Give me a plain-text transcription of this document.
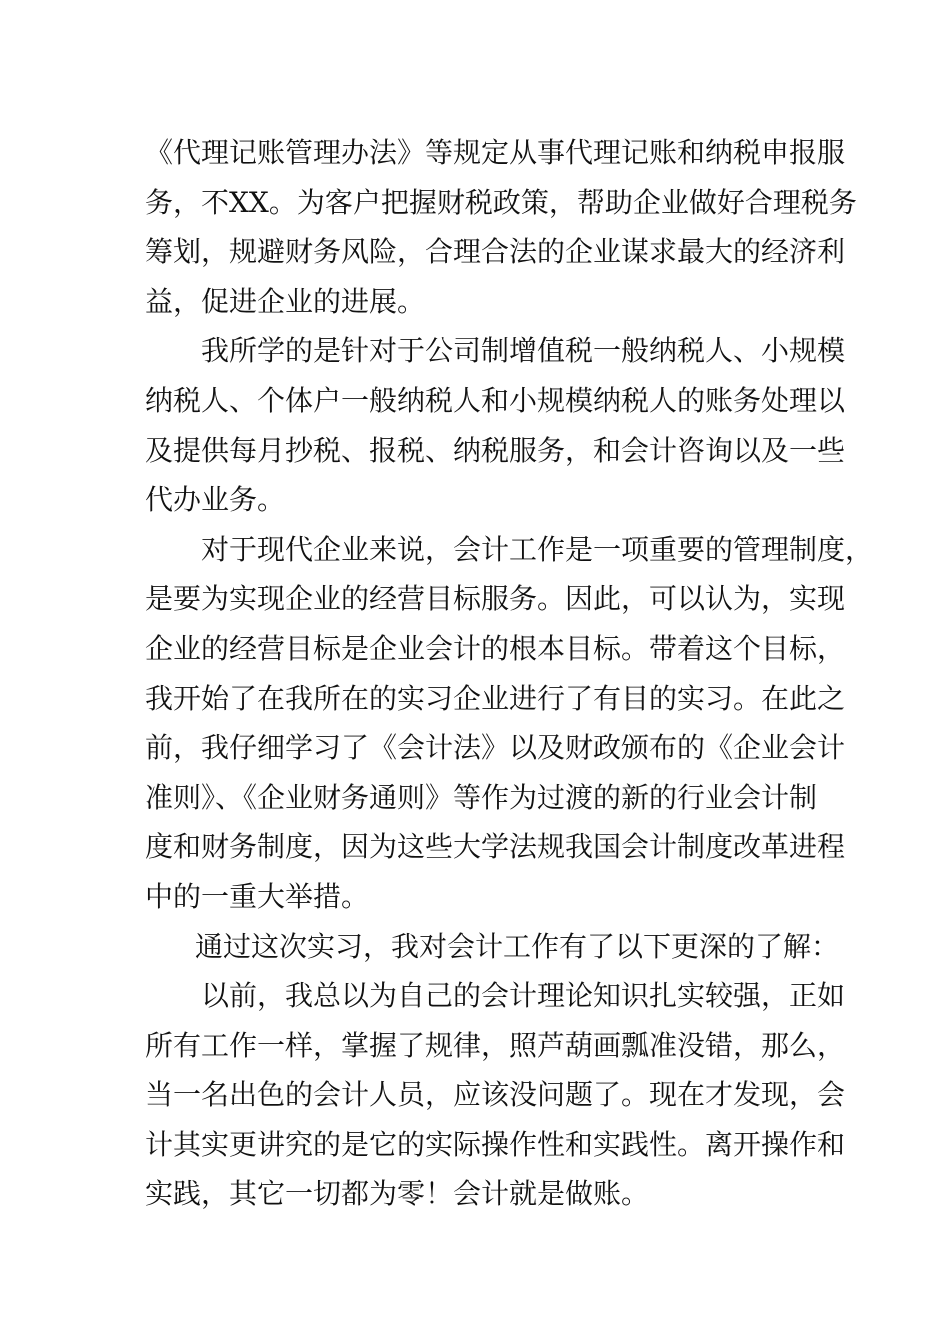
《代理记账管理办法》等规定从事代理记账和纳税申报服
务，不XX。为客户把握财税政策，帮助企业做好合理税务
筹划，规避财务风险，合理合法的企业谋求最大的经济利
益，促进企业的进展。
我所学的是针对于公司制增值税一般纳税人、小规模
纳税人、个体户一般纳税人和小规模纳税人的账务处理以
及提供每月抄税、报税、纳税服务，和会计咨询以及一些
代办业务。
对于现代企业来说，会计工作是一项重要的管理制度，
是要为实现企业的经营目标服务。因此，可以认为，实现
企业的经营目标是企业会计的根本目标。带着这个目标，
我开始了在我所在的实习企业进行了有目的实习。在此之
前，我仔细学习了《会计法》以及财政颁布的《企业会计
准则》、《企业财务通则》等作为过渡的新的行业会计制
度和财务制度，因为这些大学法规我国会计制度改革进程
中的一重大举措。
通过这次实习，我对会计工作有了以下更深的了解：
以前，我总以为自己的会计理论知识扎实较强，正如
所有工作一样，掌握了规律，照芦葫画瓢准没错，那么，
当一名出色的会计人员，应该没问题了。现在才发现，会
计其实更讲究的是它的实际操作性和实践性。离开操作和
实践，其它一切都为零！会计就是做账。
